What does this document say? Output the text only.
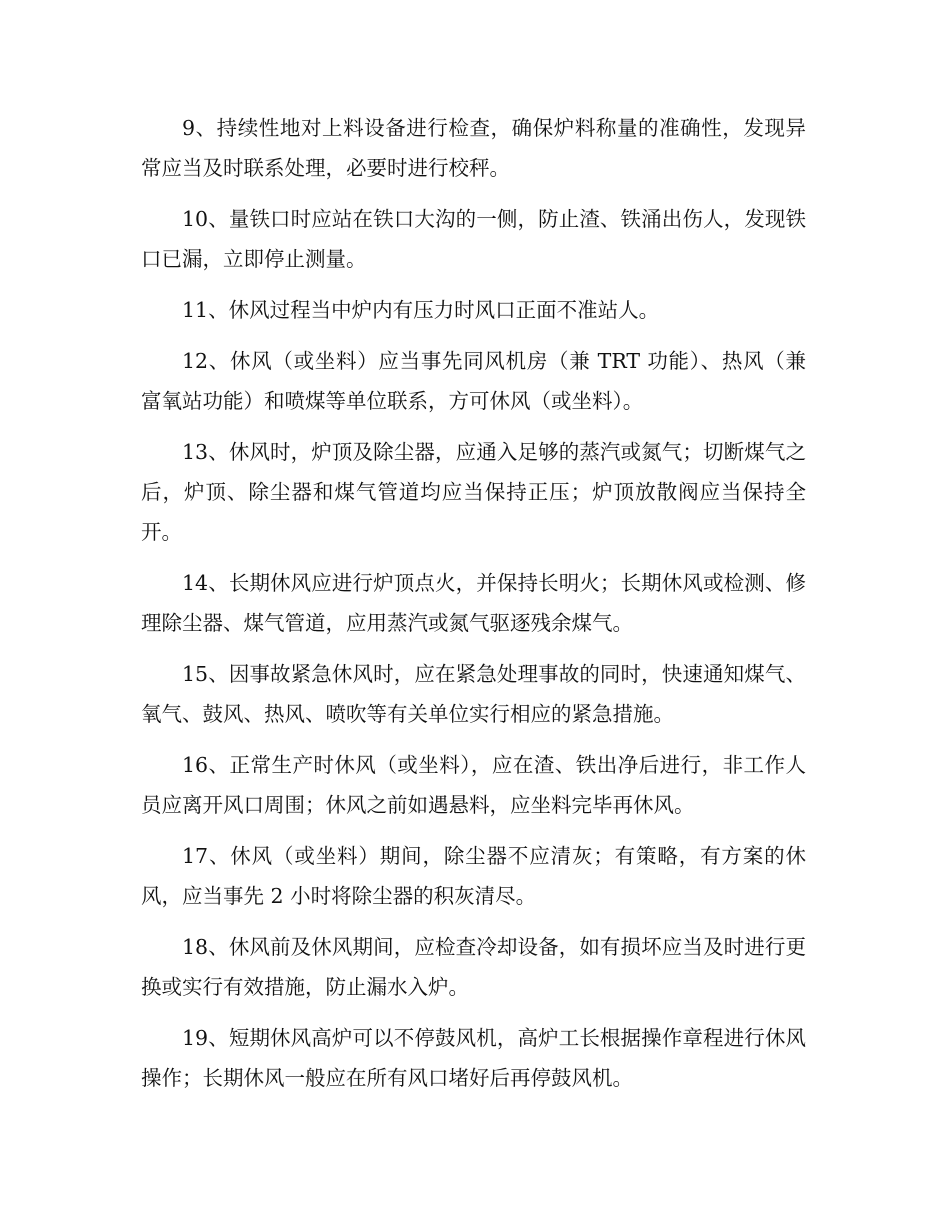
9、持续性地对上料设备进行检查，确保炉料称量的准确性，发现异常应当及时联系处理，必要时进行校秤。

10、量铁口时应站在铁口大沟的一侧，防止渣、铁涌出伤人，发现铁口已漏，立即停止测量。

11、休风过程当中炉内有压力时风口正面不准站人。

12、休风（或坐料）应当事先同风机房（兼 TRT 功能）、热风（兼富氧站功能）和喷煤等单位联系，方可休风（或坐料）。

13、休风时，炉顶及除尘器，应通入足够的蒸汽或氮气；切断煤气之后，炉顶、除尘器和煤气管道均应当保持正压；炉顶放散阀应当保持全开。

14、长期休风应进行炉顶点火，并保持长明火；长期休风或检测、修理除尘器、煤气管道，应用蒸汽或氮气驱逐残余煤气。

15、因事故紧急休风时，应在紧急处理事故的同时，快速通知煤气、氧气、鼓风、热风、喷吹等有关单位实行相应的紧急措施。

16、正常生产时休风（或坐料），应在渣、铁出净后进行，非工作人员应离开风口周围；休风之前如遇悬料，应坐料完毕再休风。

17、休风（或坐料）期间，除尘器不应清灰；有策略，有方案的休风，应当事先 2 小时将除尘器的积灰清尽。

18、休风前及休风期间，应检查冷却设备，如有损坏应当及时进行更换或实行有效措施，防止漏水入炉。

19、短期休风高炉可以不停鼓风机，高炉工长根据操作章程进行休风操作；长期休风一般应在所有风口堵好后再停鼓风机。
